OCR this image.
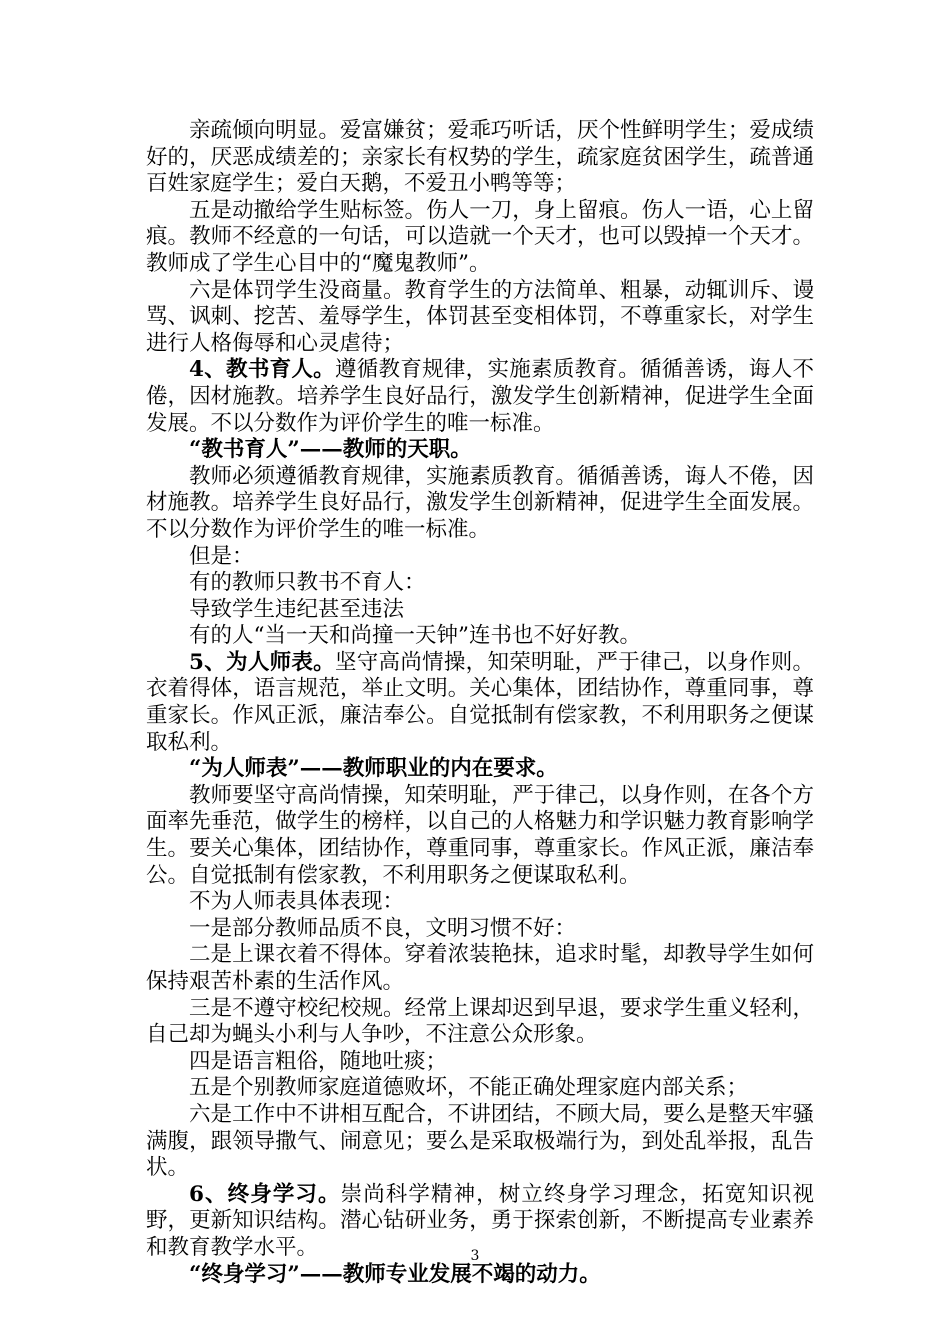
亲疏倾向明显。爱富嫌贫；爱乖巧听话，厌个性鲜明学生；爱成绩好的，厌恶成绩差的；亲家长有权势的学生，疏家庭贫困学生，疏普通百姓家庭学生；爱白天鹅，不爱丑小鸭等等；

五是动撤给学生贴标签。伤人一刀，身上留痕。伤人一语，心上留痕。教师不经意的一句话，可以造就一个天才，也可以毁掉一个天才。教师成了学生心目中的“魔鬼教师”。

六是体罚学生没商量。教育学生的方法简单、粗暴，动辄训斥、谩骂、讽刺、挖苦、羞辱学生，体罚甚至变相体罚，不尊重家长，对学生进行人格侮辱和心灵虐待；

4、教书育人。遵循教育规律，实施素质教育。循循善诱，诲人不倦，因材施教。培养学生良好品行，激发学生创新精神，促进学生全面发展。不以分数作为评价学生的唯一标准。

“教书育人”——教师的天职。

教师必须遵循教育规律，实施素质教育。循循善诱，诲人不倦，因材施教。培养学生良好品行，激发学生创新精神，促进学生全面发展。不以分数作为评价学生的唯一标准。

但是：

有的教师只教书不育人：

导致学生违纪甚至违法

有的人“当一天和尚撞一天钟”连书也不好好教。

5、为人师表。坚守高尚情操，知荣明耻，严于律己，以身作则。衣着得体，语言规范，举止文明。关心集体，团结协作，尊重同事，尊重家长。作风正派，廉洁奉公。自觉抵制有偿家教，不利用职务之便谋取私利。

“为人师表”——教师职业的内在要求。

教师要坚守高尚情操，知荣明耻，严于律己，以身作则，在各个方面率先垂范，做学生的榜样，以自己的人格魅力和学识魅力教育影响学生。要关心集体，团结协作，尊重同事，尊重家长。作风正派，廉洁奉公。自觉抵制有偿家教，不利用职务之便谋取私利。

不为人师表具体表现：

一是部分教师品质不良，文明习惯不好：

二是上课衣着不得体。穿着浓装艳抹，追求时髦，却教导学生如何保持艰苦朴素的生活作风。

三是不遵守校纪校规。经常上课却迟到早退，要求学生重义轻利，自己却为蝇头小利与人争吵，不注意公众形象。

四是语言粗俗，随地吐痰；

五是个别教师家庭道德败坏，不能正确处理家庭内部关系；

六是工作中不讲相互配合，不讲团结，不顾大局，要么是整天牢骚满腹，跟领导撒气、闹意见；要么是采取极端行为，到处乱举报，乱告状。

6、终身学习。崇尚科学精神，树立终身学习理念，拓宽知识视野，更新知识结构。潜心钻研业务，勇于探索创新，不断提高专业素养和教育教学水平。

“终身学习”——教师专业发展不竭的动力。

3
